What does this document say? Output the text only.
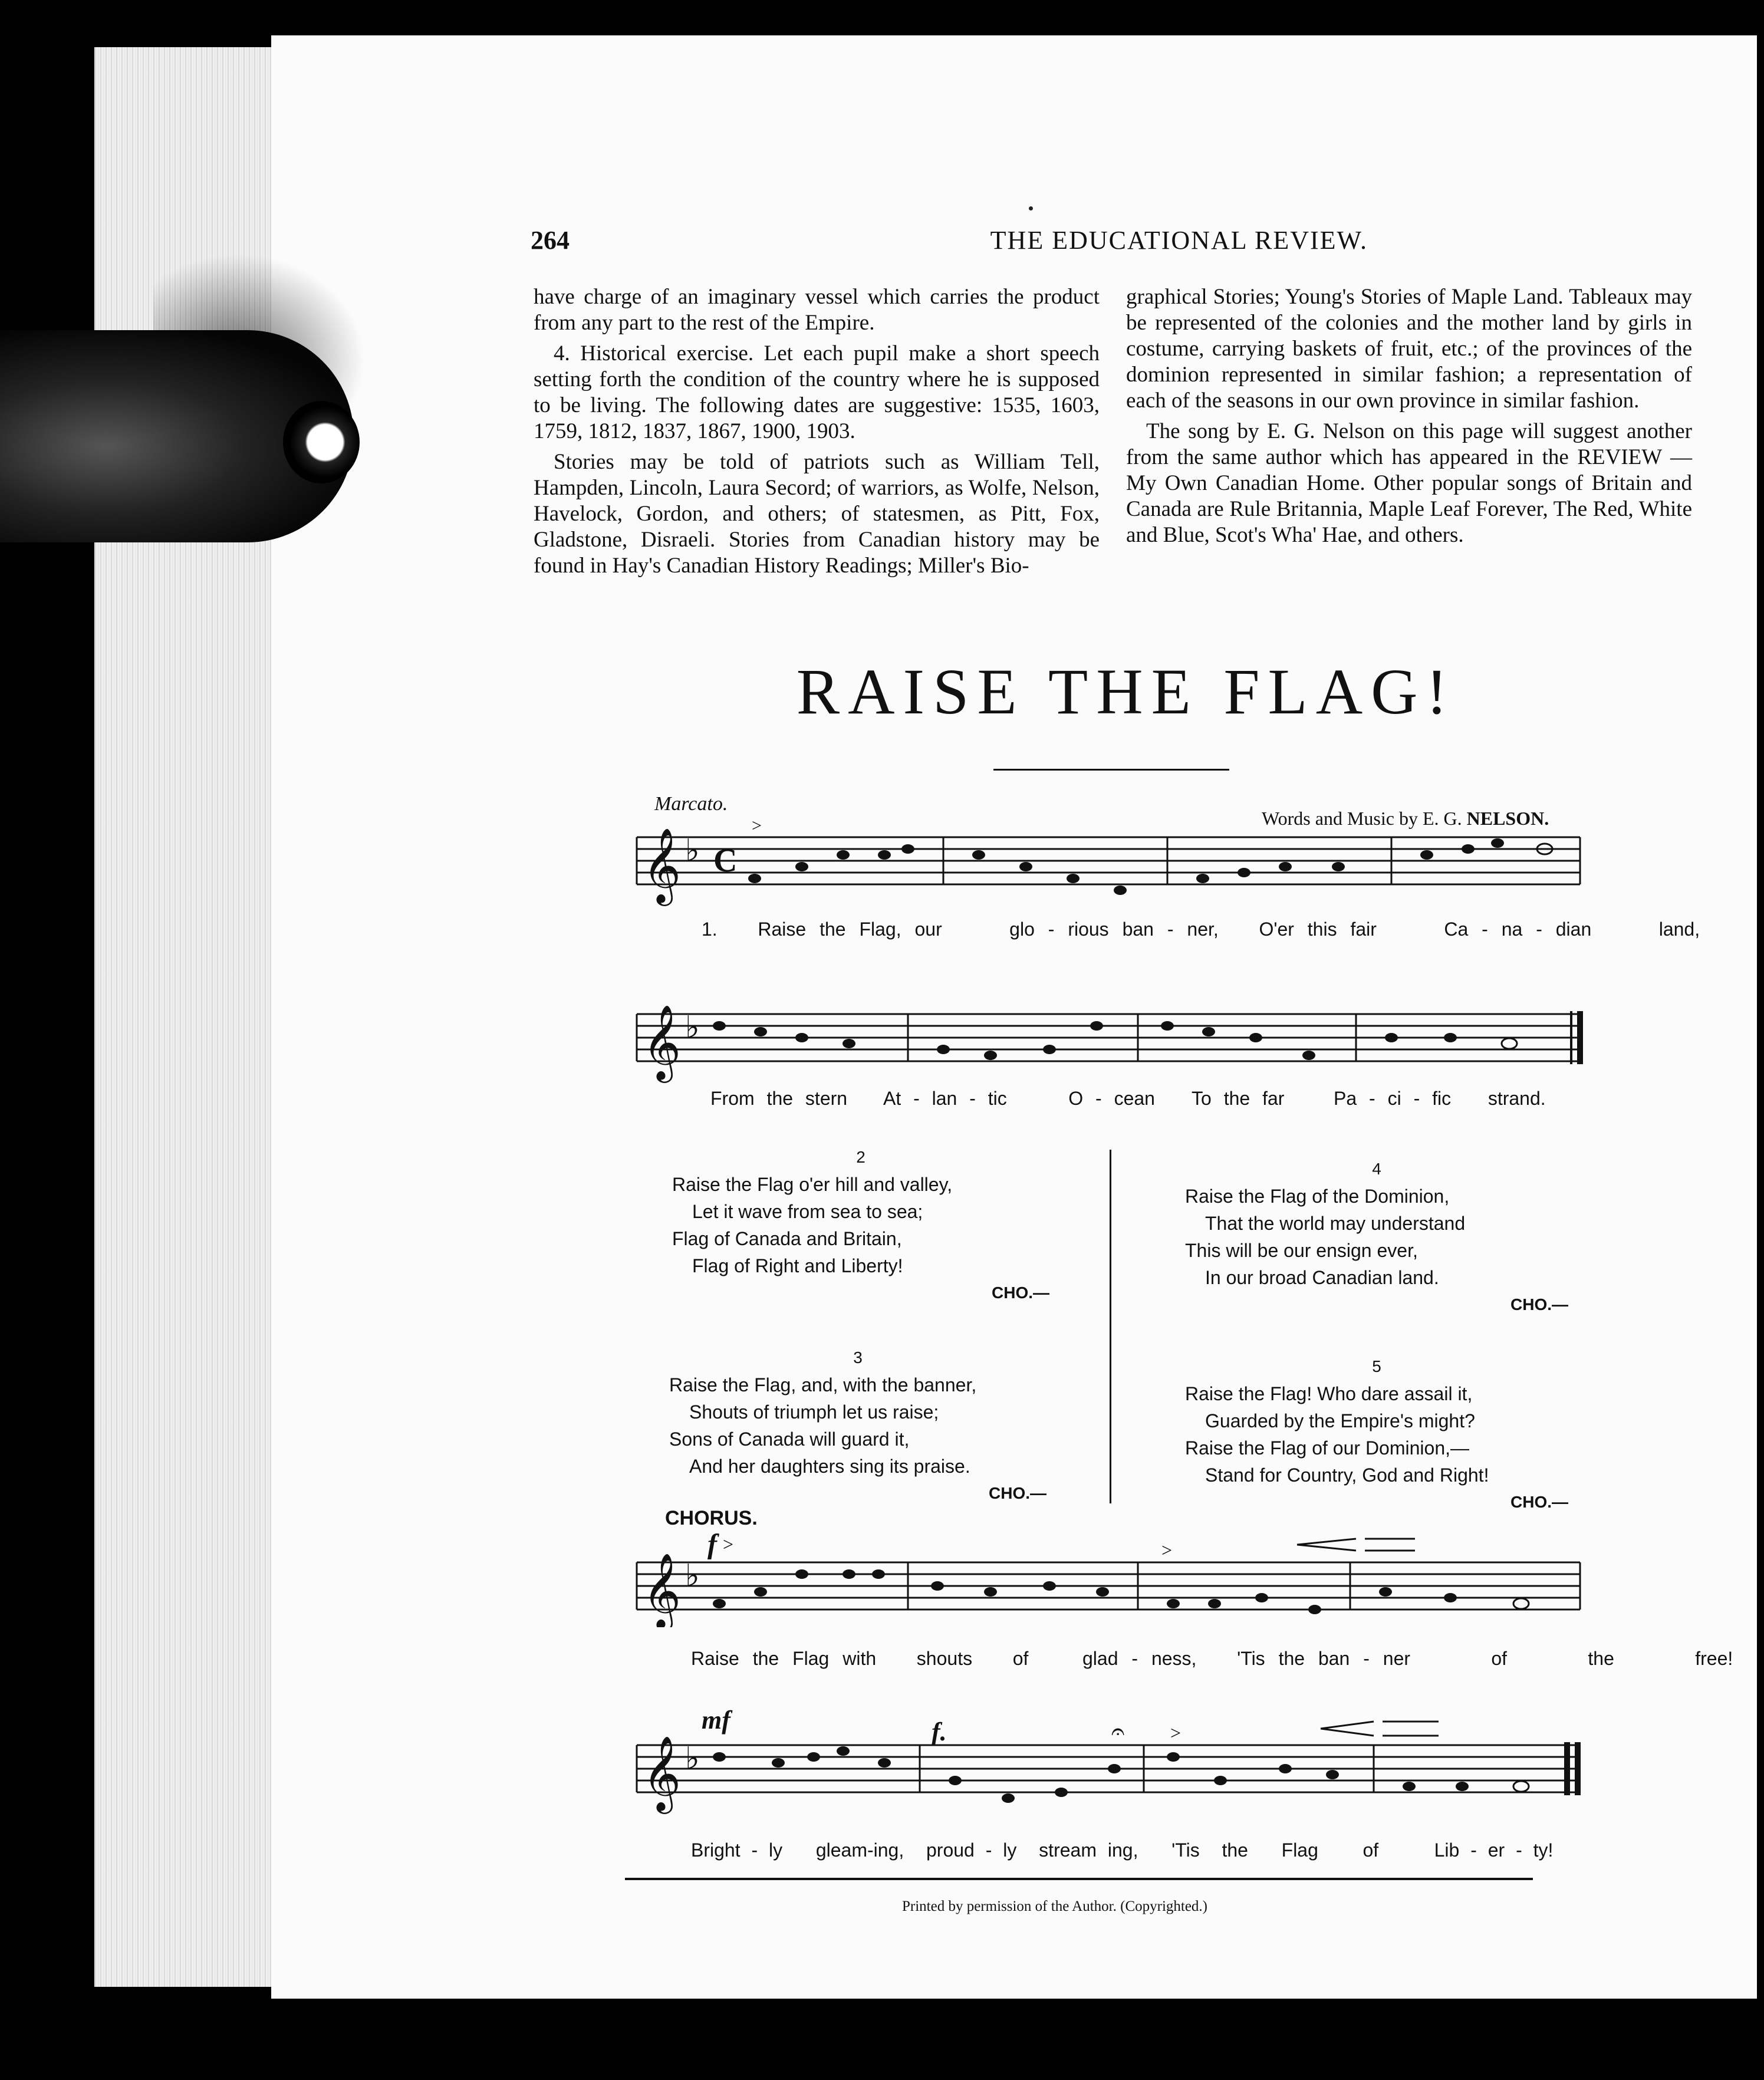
264	THE EDUCATIONAL REVIEW.

have charge of an imaginary vessel which carries the product from any part to the rest of the Empire.

4. Historical exercise. Let each pupil make a short speech setting forth the condition of the country where he is supposed to be living. The following dates are suggestive: 1535, 1603, 1759, 1812, 1837, 1867, 1900, 1903.

Stories may be told of patriots such as William Tell, Hampden, Lincoln, Laura Secord; of warriors, as Wolfe, Nelson, Havelock, Gordon, and others; of statesmen, as Pitt, Fox, Gladstone, Disraeli. Stories from Canadian history may be found in Hay's Canadian History Readings; Miller's Bio-

graphical Stories; Young's Stories of Maple Land. Tableaux may be represented of the colonies and the mother land by girls in costume, carrying baskets of fruit, etc.; of the provinces of the dominion represented in similar fashion; a representation of each of the seasons in our own province in similar fashion.

The song by E. G. Nelson on this page will suggest another from the same author which has appeared in the REVIEW — My Own Canadian Home. Other popular songs of Britain and Canada are Rule Britannia, Maple Leaf Forever, The Red, White and Blue, Scot's Wha' Hae, and others.

RAISE THE FLAG!
Marcato.
Words and Music by E. G. NELSON.
𝄞 ♭ C
>
1. Raise the Flag, our	glo - rious ban - ner, O'er this fair	Ca - na - dian	land,
𝄞 ♭
From the stern At - lan - tic	O - cean To the far	Pa - ci - fic strand.
2
Raise the Flag o'er hill and valley,
Let it wave from sea to sea;
Flag of Canada and Britain,
Flag of Right and Liberty!
CHO.—
3
Raise the Flag, and, with the banner,
Shouts of triumph let us raise;
Sons of Canada will guard it,
And her daughters sing its praise.
CHO.—
4
Raise the Flag of the Dominion,
That the world may understand
This will be our ensign ever,
In our broad Canadian land.
CHO.—
5
Raise the Flag! Who dare assail it,
Guarded by the Empire's might?
Raise the Flag of our Dominion,—
Stand for Country, God and Right!
CHO.—
CHORUS.
𝄞 ♭
f >	>
Raise the Flag with shouts of	glad - ness, 'Tis the ban - ner	of	the	free!
𝄞 ♭
mf	f.	𝄐 >
Bright - ly gleam-ing, proud - ly stream ing, 'Tis the Flag of	Lib - er - ty!
Printed by permission of the Author. (Copyrighted.)
